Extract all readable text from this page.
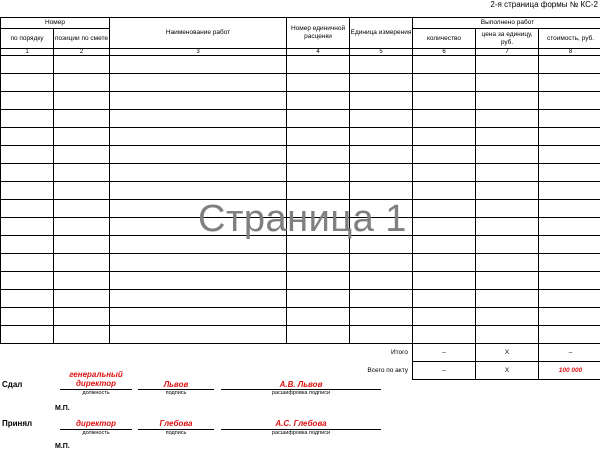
2-я страница формы № КС-2
Номер		Наименование работ	Номер единичной расценки	Единица измерения	Выполнено работ		
по порядку	позиции по смете				количество	цена за единицу, руб.	стоимость, руб.
1	2	3	4	5	6	7	8

Итого					–	X	–
Всего по акту					–	X	100 000
Страница 1
Сдал
генеральный директор
должность
Львов
подпись
А.В. Львов
расшифровка подписи
М.П.
Принял	директор
должность
Глебова
подпись
А.С. Глебова
расшифровка подписи
М.П.
